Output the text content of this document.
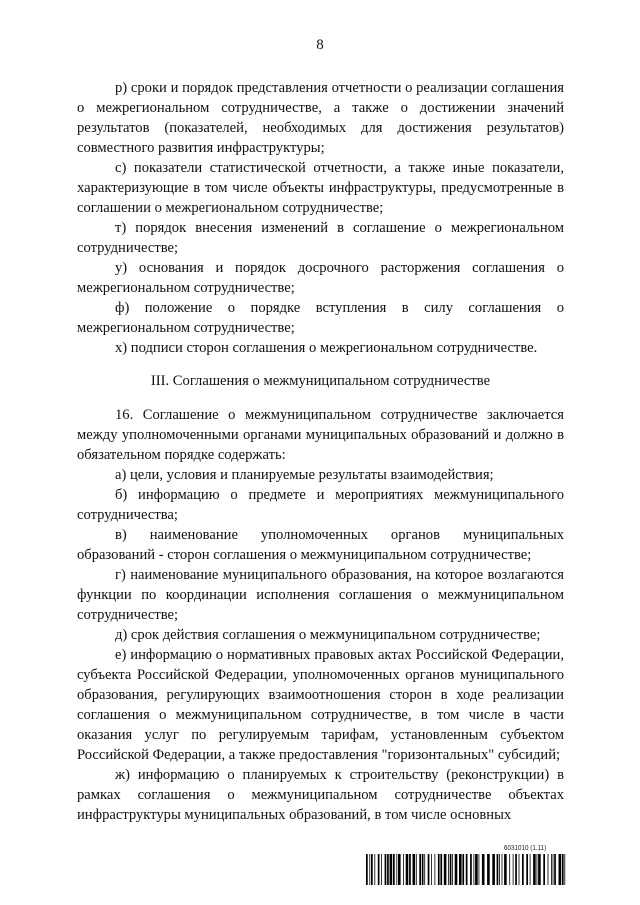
8

р) сроки и порядок представления отчетности о реализации соглашения о межрегиональном сотрудничестве, а также о достижении значений результатов (показателей, необходимых для достижения результатов) совместного развития инфраструктуры;

с) показатели статистической отчетности, а также иные показатели, характеризующие в том числе объекты инфраструктуры, предусмотренные в соглашении о межрегиональном сотрудничестве;

т) порядок внесения изменений в соглашение о межрегиональном сотрудничестве;

у) основания и порядок досрочного расторжения соглашения о межрегиональном сотрудничестве;

ф) положение о порядке вступления в силу соглашения о межрегиональном сотрудничестве;

х) подписи сторон соглашения о межрегиональном сотрудничестве.

III. Соглашения о межмуниципальном сотрудничестве

16. Соглашение о межмуниципальном сотрудничестве заключается между уполномоченными органами муниципальных образований и должно в обязательном порядке содержать:

а) цели, условия и планируемые результаты взаимодействия;

б) информацию о предмете и мероприятиях межмуниципального сотрудничества;

в) наименование уполномоченных органов муниципальных образований - сторон соглашения о межмуниципальном сотрудничестве;

г) наименование муниципального образования, на которое возлагаются функции по координации исполнения соглашения о межмуниципальном сотрудничестве;

д) срок действия соглашения о межмуниципальном сотрудничестве;

е) информацию о нормативных правовых актах Российской Федерации, субъекта Российской Федерации, уполномоченных органов муниципального образования, регулирующих взаимоотношения сторон в ходе реализации соглашения о межмуниципальном сотрудничестве, в том числе в части оказания услуг по регулируемым тарифам, установленным субъектом Российской Федерации, а также предоставления "горизонтальных" субсидий;

ж) информацию о планируемых к строительству (реконструкции) в рамках соглашения о межмуниципальном сотрудничестве объектах инфраструктуры муниципальных образований, в том числе основных

6031010 (1.11)
